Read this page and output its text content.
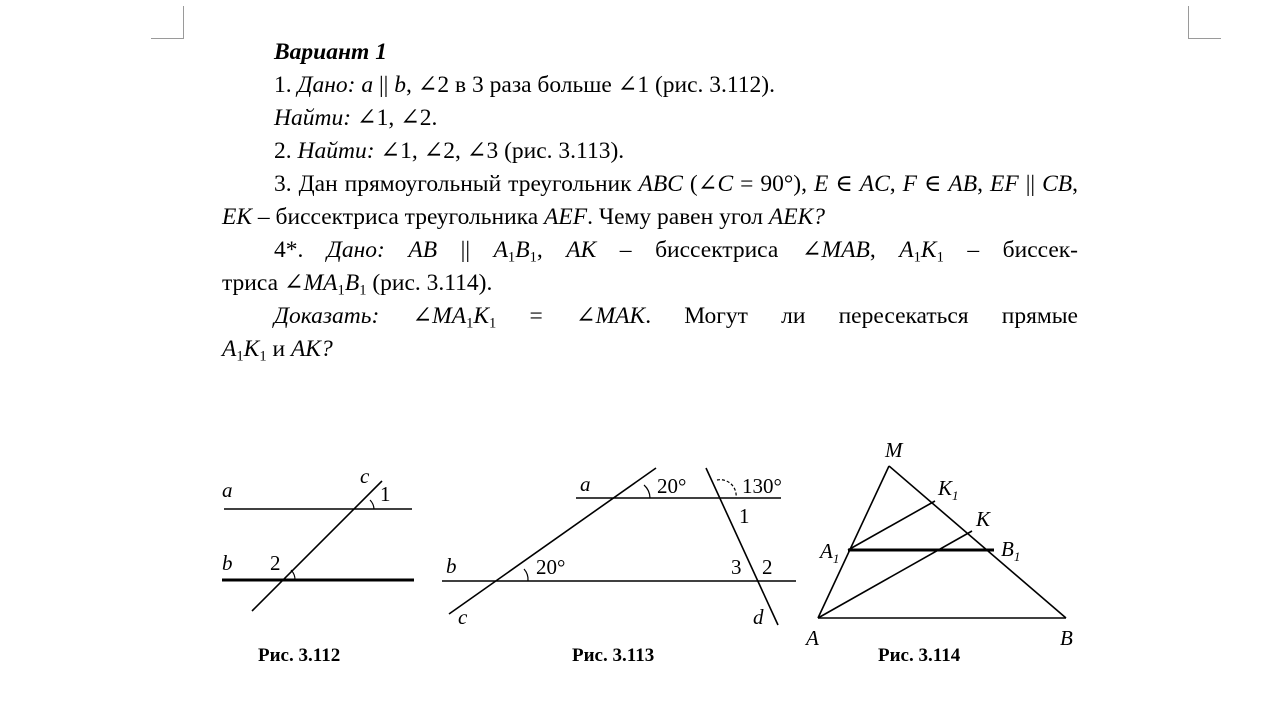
Вариант 1

1. Дано: a || b, ∠2 в 3 раза больше ∠1 (рис. 3.112).

Найти: ∠1, ∠2.

2. Найти: ∠1, ∠2, ∠3 (рис. 3.113).

3. Дан прямоугольный треугольник ABC (∠C = 90°), E ∈ AC, F ∈ AB, EF || CB, EK – биссектриса треугольника AEF. Чему равен угол AEK?

4*. Дано: AB || $A_1B_1$, AK – биссектриса ∠MAB, $A_1K_1$ – биссек-

триса $\angle MA_1B_1$ (рис. 3.114).

Доказать: $\angle MA_1K_1$ = ∠MAK. Могут ли пересекаться прямые

$A_1K_1$ и AK?

a
b
c
1
2
Рис. 3.112
a
b
c	d
20°	130°
1
20°	3 2
Рис. 3.113
M
A	B
$K_1$
K
$A_1$	$B_1$
Рис. 3.114
